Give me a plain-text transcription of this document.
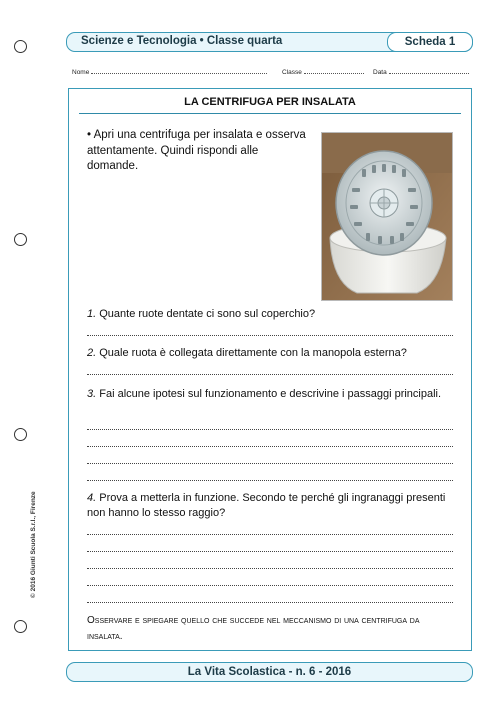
Scienze e Tecnologia • Classe quarta	Scheda 1
Nome	Classe	Data
© 2016 Giunti Scuola S.r.l., Firenze
LA CENTRIFUGA PER INSALATA
• Apri una centrifuga per insalata e osserva attentamente. Quindi rispondi alle domande.
1. Quante ruote dentate ci sono sul coperchio?
2. Quale ruota è collegata direttamente con la manopola esterna?
3. Fai alcune ipotesi sul funzionamento e descrivine i passaggi principali.
4. Prova a metterla in funzione. Secondo te perché gli ingranaggi presenti non hanno lo stesso raggio?
Osservare e spiegare quello che succede nel meccanismo di una centrifuga da insalata.
La Vita Scolastica - n. 6 - 2016
